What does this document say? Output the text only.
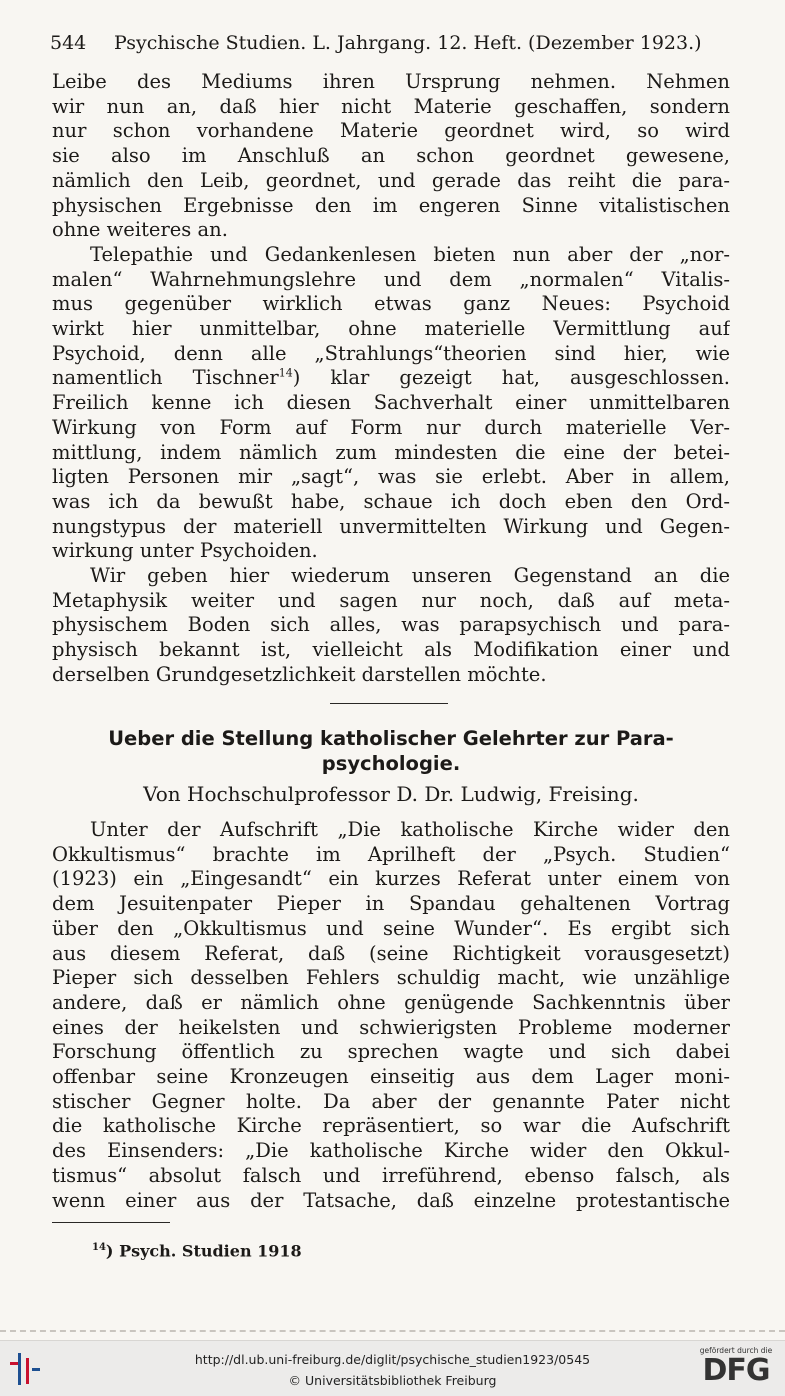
544 Psychische Studien. L. Jahrgang. 12. Heft. (Dezember 1923.)
Leibe des Mediums ihren Ursprung nehmen. Nehmen
wir nun an, daß hier nicht Materie geschaffen, sondern
nur schon vorhandene Materie geordnet wird, so wird
sie also im Anschluß an schon geordnet gewesene,
nämlich den Leib, geordnet, und gerade das reiht die para-
physischen Ergebnisse den im engeren Sinne vitalistischen
ohne weiteres an.
Telepathie und Gedankenlesen bieten nun aber der „nor-
malen“ Wahrnehmungslehre und dem „normalen“ Vitalis-
mus gegenüber wirklich etwas ganz Neues: Psychoid
wirkt hier unmittelbar, ohne materielle Vermittlung auf
Psychoid, denn alle „Strahlungs“theorien sind hier, wie
namentlich Tischner$^{14}$) klar gezeigt hat, ausgeschlossen.
Freilich kenne ich diesen Sachverhalt einer unmittelbaren
Wirkung von Form auf Form nur durch materielle Ver-
mittlung, indem nämlich zum mindesten die eine der betei-
ligten Personen mir „sagt“, was sie erlebt. Aber in allem,
was ich da bewußt habe, schaue ich doch eben den Ord-
nungstypus der materiell unvermittelten Wirkung und Gegen-
wirkung unter Psychoiden.
Wir geben hier wiederum unseren Gegenstand an die
Metaphysik weiter und sagen nur noch, daß auf meta-
physischem Boden sich alles, was parapsychisch und para-
physisch bekannt ist, vielleicht als Modifikation einer und
derselben Grundgesetzlichkeit darstellen möchte.
Ueber die Stellung katholischer Gelehrter zur Para-
psychologie.
Von Hochschulprofessor D. Dr. Ludwig, Freising.
Unter der Aufschrift „Die katholische Kirche wider den
Okkultismus“ brachte im Aprilheft der „Psych. Studien“
(1923) ein „Eingesandt“ ein kurzes Referat unter einem von
dem Jesuitenpater Pieper in Spandau gehaltenen Vortrag
über den „Okkultismus und seine Wunder“. Es ergibt sich
aus diesem Referat, daß (seine Richtigkeit vorausgesetzt)
Pieper sich desselben Fehlers schuldig macht, wie unzählige
andere, daß er nämlich ohne genügende Sachkenntnis über
eines der heikelsten und schwierigsten Probleme moderner
Forschung öffentlich zu sprechen wagte und sich dabei
offenbar seine Kronzeugen einseitig aus dem Lager moni-
stischer Gegner holte. Da aber der genannte Pater nicht
die katholische Kirche repräsentiert, so war die Aufschrift
des Einsenders: „Die katholische Kirche wider den Okkul-
tismus“ absolut falsch und irreführend, ebenso falsch, als
wenn einer aus der Tatsache, daß einzelne protestantische
$^{14}$) Psych. Studien 1918
http://dl.ub.uni-freiburg.de/diglit/psychische_studien1923/0545
© Universitätsbibliothek Freiburg
gefördert durch die
DFG
